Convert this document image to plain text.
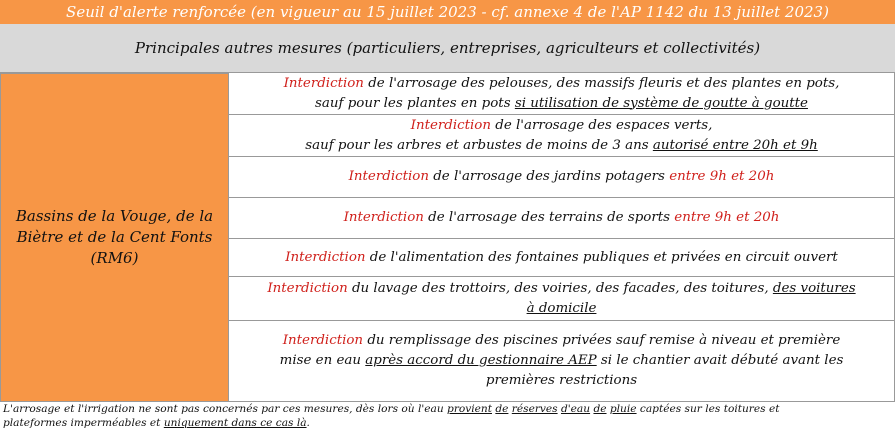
Seuil d'alerte renforcée (en vigueur au 15 juillet 2023 - cf. annexe 4 de l'AP 1142 du 13 juillet 2023)
Principales autres mesures (particuliers, entreprises, agriculteurs et collectivités)
Bassins de la Vouge, de la Biètre et de la Cent Fonts (RM6)
Interdiction de l'arrosage des pelouses, des massifs fleuris et des plantes en pots,
sauf pour les plantes en pots si utilisation de système de goutte à goutte
Interdiction de l'arrosage des espaces verts,
sauf pour les arbres et arbustes de moins de 3 ans autorisé entre 20h et 9h
Interdiction de l'arrosage des jardins potagers entre 9h et 20h
Interdiction de l'arrosage des terrains de sports entre 9h et 20h
Interdiction de l'alimentation des fontaines publiques et privées en circuit ouvert
Interdiction du lavage des trottoirs, des voiries, des facades, des toitures, des voitures
à domicile
Interdiction du remplissage des piscines privées sauf remise à niveau et première
mise en eau après accord du gestionnaire AEP si le chantier avait débuté avant les
premières restrictions
L'arrosage et l'irrigation ne sont pas concernés par ces mesures, dès lors où l'eau provient de réserves d'eau de pluie captées sur les toitures et
plateformes imperméables et uniquement dans ce cas là.
